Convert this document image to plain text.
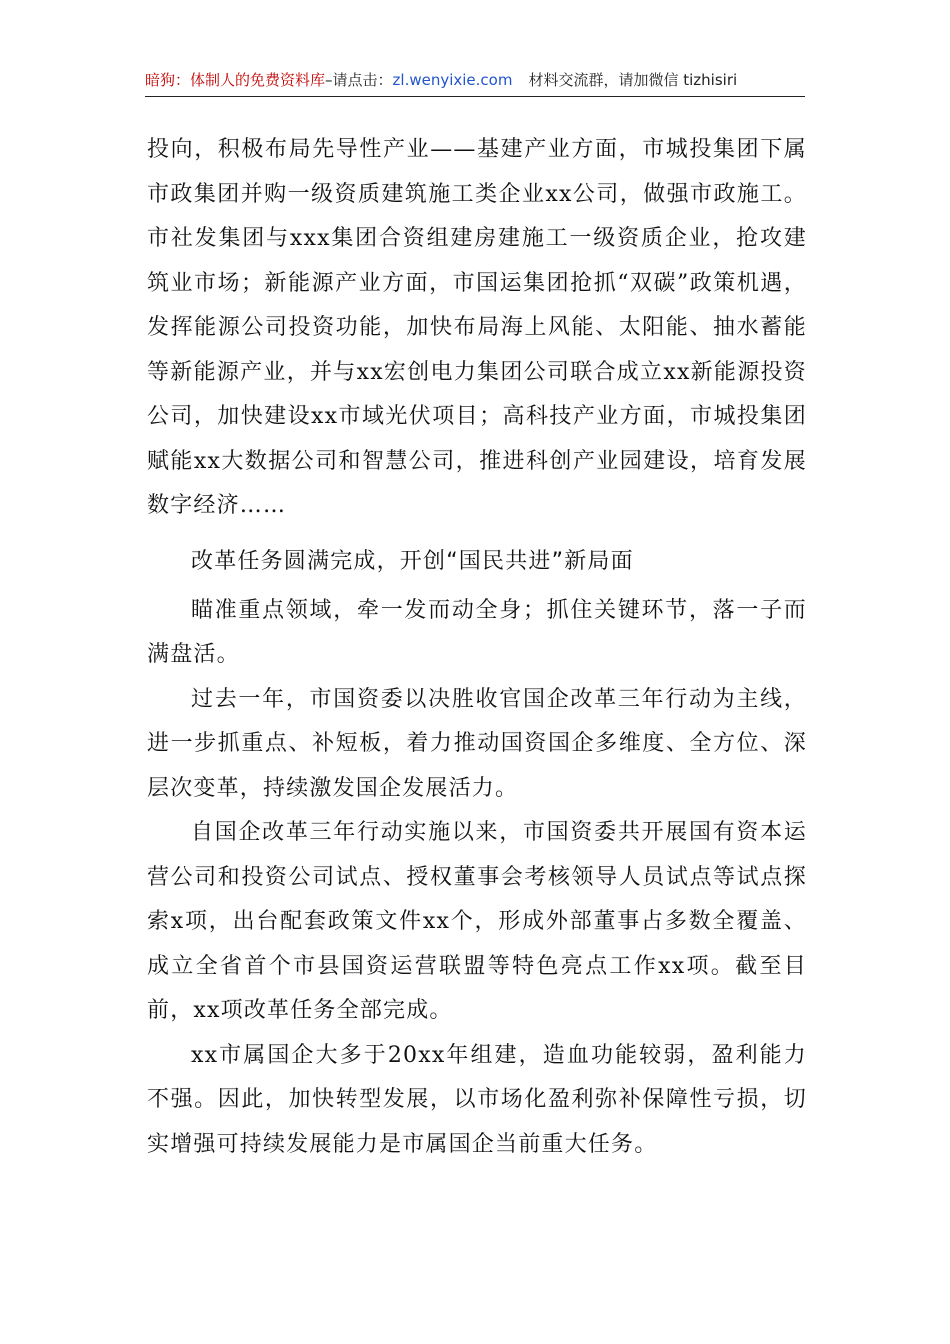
暗狗：体制人的免费资料库–请点击：zl.wenyixie.com 材料交流群，请加微信 tizhisiri

投向，积极布局先导性产业——基建产业方面，市城投集团下属市政集团并购一级资质建筑施工类企业xx公司，做强市政施工。市社发集团与xxx集团合资组建房建施工一级资质企业，抢攻建筑业市场；新能源产业方面，市国运集团抢抓“双碳”政策机遇，发挥能源公司投资功能，加快布局海上风能、太阳能、抽水蓄能等新能源产业，并与xx宏创电力集团公司联合成立xx新能源投资公司，加快建设xx市域光伏项目；高科技产业方面，市城投集团赋能xx大数据公司和智慧公司，推进科创产业园建设，培育发展数字经济……

改革任务圆满完成，开创“国民共进”新局面

瞄准重点领域，牵一发而动全身；抓住关键环节，落一子而满盘活。

过去一年，市国资委以决胜收官国企改革三年行动为主线，进一步抓重点、补短板，着力推动国资国企多维度、全方位、深层次变革，持续激发国企发展活力。

自国企改革三年行动实施以来，市国资委共开展国有资本运营公司和投资公司试点、授权董事会考核领导人员试点等试点探索x项，出台配套政策文件xx个，形成外部董事占多数全覆盖、成立全省首个市县国资运营联盟等特色亮点工作xx项。截至目前，xx项改革任务全部完成。

xx市属国企大多于20xx年组建，造血功能较弱，盈利能力不强。因此，加快转型发展，以市场化盈利弥补保障性亏损，切实增强可持续发展能力是市属国企当前重大任务。
